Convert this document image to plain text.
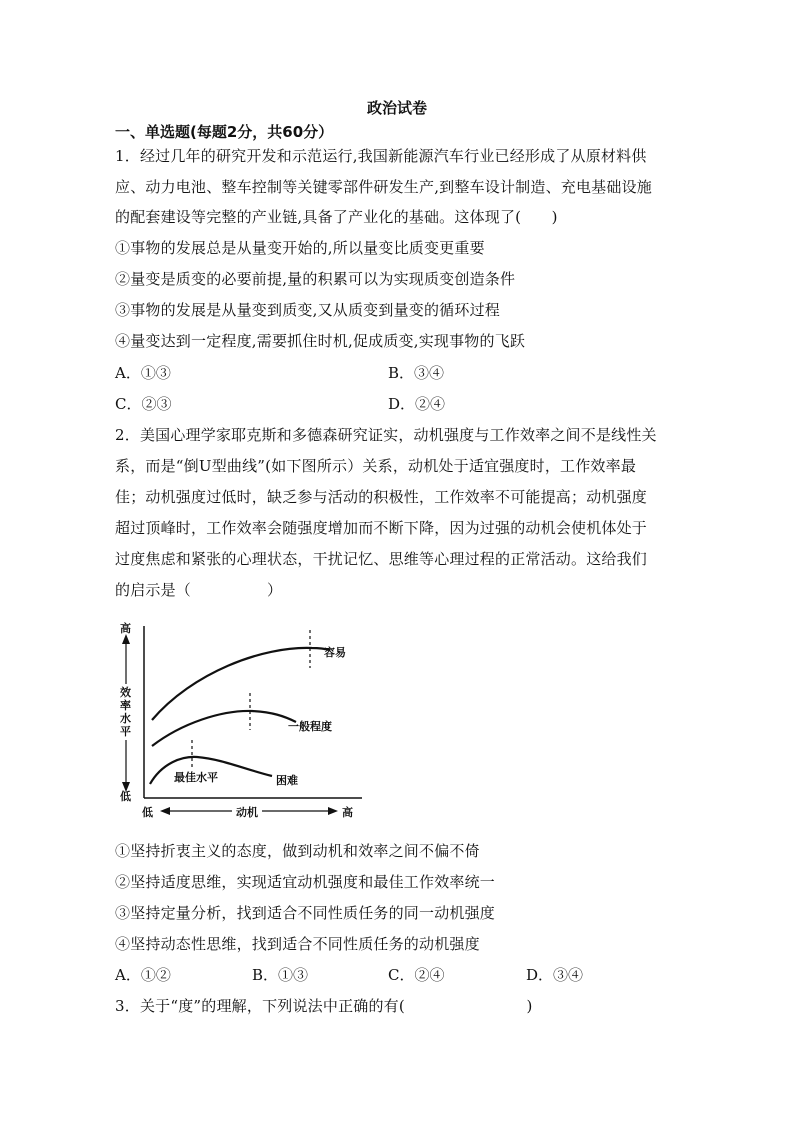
政治试卷
一、单选题(每题2分，共60分）
1．经过几年的研究开发和示范运行,我国新能源汽车行业已经形成了从原材料供
应、动力电池、整车控制等关键零部件研发生产,到整车设计制造、充电基础设施
的配套建设等完整的产业链,具备了产业化的基础。这体现了(　　)
①事物的发展总是从量变开始的,所以量变比质变更重要
②量变是质变的必要前提,量的积累可以为实现质变创造条件
③事物的发展是从量变到质变,又从质变到量变的循环过程
④量变达到一定程度,需要抓住时机,促成质变,实现事物的飞跃
A．①③	B．③④
C．②③	D．②④
2．美国心理学家耶克斯和多德森研究证实，动机强度与工作效率之间不是线性关
系，而是“倒U型曲线”(如下图所示）关系，动机处于适宜强度时，工作效率最
佳；动机强度过低时，缺乏参与活动的积极性，工作效率不可能提高；动机强度
超过顶峰时，工作效率会随强度增加而不断下降，因为过强的动机会使机体处于
过度焦虑和紧张的心理状态，干扰记忆、思维等心理过程的正常活动。这给我们
的启示是（　　　　　）
高
效
率
水
平
低
低	动机	高
容易
一般程度
困难
最佳水平
①坚持折衷主义的态度，做到动机和效率之间不偏不倚
②坚持适度思维，实现适宜动机强度和最佳工作效率统一
③坚持定量分析，找到适合不同性质任务的同一动机强度
④坚持动态性思维，找到适合不同性质任务的动机强度
A．①②	B．①③	C．②④	D．③④
3．关于“度”的理解，下列说法中正确的有(　　　　　　　　)
